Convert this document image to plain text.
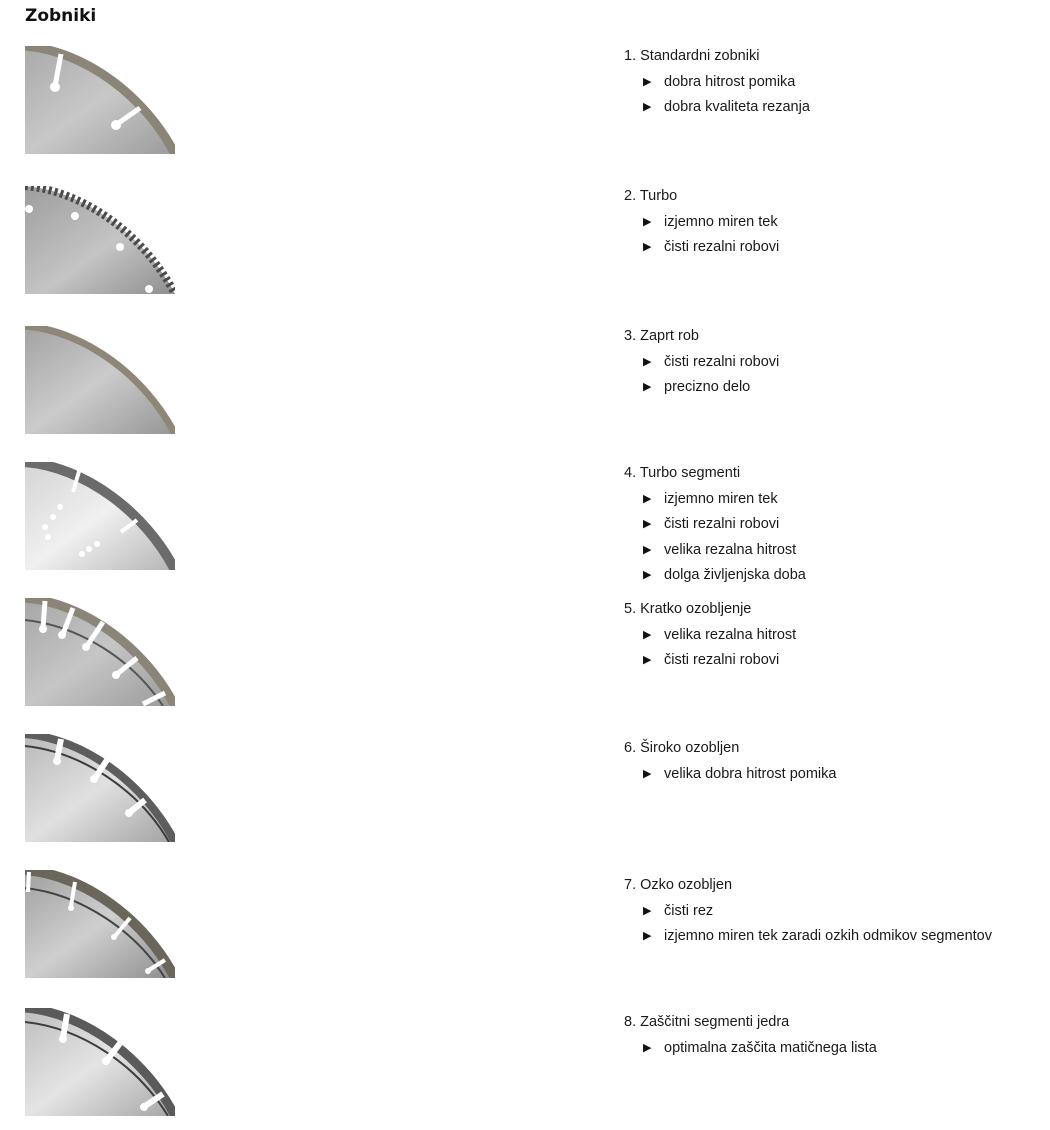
Zobniki
1. Standardni zobniki
▶ dobra hitrost pomika
▶ dobra kvaliteta rezanja
2. Turbo
▶ izjemno miren tek
▶ čisti rezalni robovi
3. Zaprt rob
▶ čisti rezalni robovi
▶ precizno delo
4. Turbo segmenti
▶ izjemno miren tek
▶ čisti rezalni robovi
▶ velika rezalna hitrost
▶ dolga življenjska doba
5. Kratko ozobljenje
▶ velika rezalna hitrost
▶ čisti rezalni robovi
6. Široko ozobljen
▶ velika dobra hitrost pomika
7. Ozko ozobljen
▶ čisti rez
▶ izjemno miren tek zaradi ozkih odmikov segmentov
8. Zaščitni segmenti jedra
▶ optimalna zaščita matičnega lista
